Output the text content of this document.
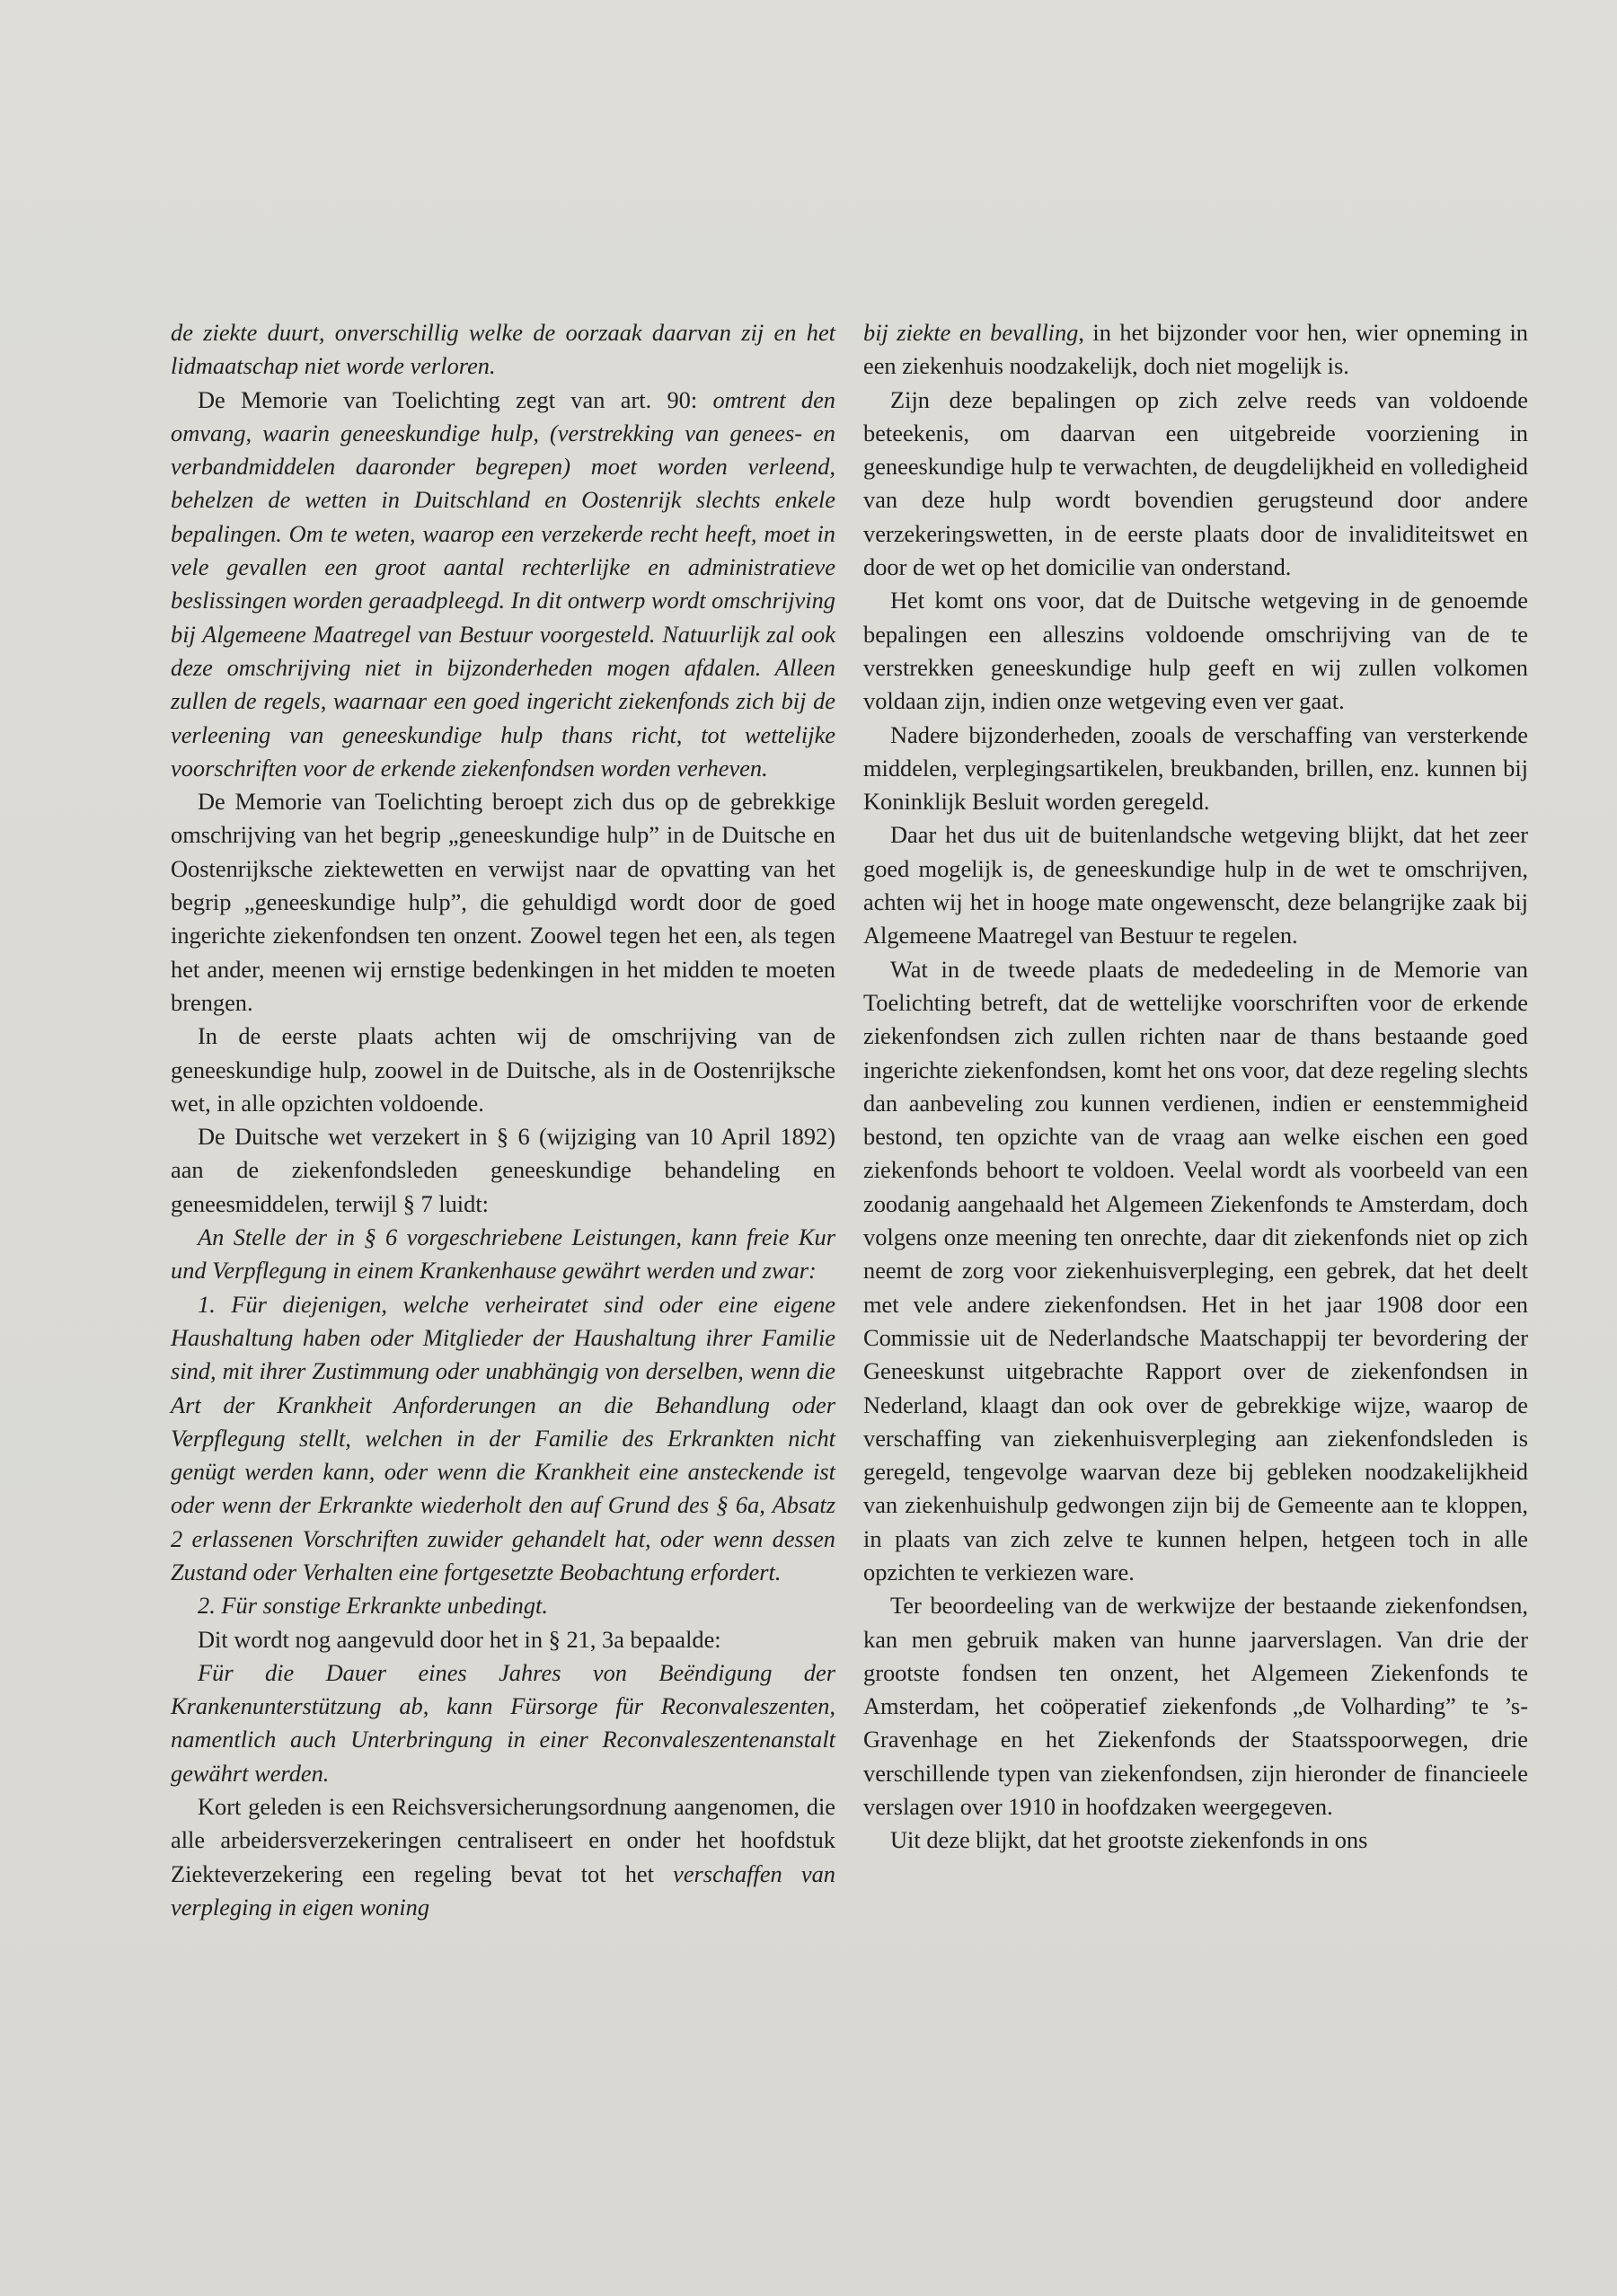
de ziekte duurt, onverschillig welke de oorzaak daarvan zij en het lidmaatschap niet worde verloren.

De Memorie van Toelichting zegt van art. 90: omtrent den omvang, waarin geneeskundige hulp, (verstrekking van genees- en verbandmiddelen daaronder begrepen) moet worden verleend, behelzen de wetten in Duitschland en Oostenrijk slechts enkele bepalingen. Om te weten, waarop een verzekerde recht heeft, moet in vele gevallen een groot aantal rechterlijke en administratieve beslissingen worden geraadpleegd. In dit ontwerp wordt omschrijving bij Algemeene Maatregel van Bestuur voorgesteld. Natuurlijk zal ook deze omschrijving niet in bijzonderheden mogen afdalen. Alleen zullen de regels, waarnaar een goed ingericht ziekenfonds zich bij de verleening van geneeskundige hulp thans richt, tot wettelijke voorschriften voor de erkende ziekenfondsen worden verheven.

De Memorie van Toelichting beroept zich dus op de gebrekkige omschrijving van het begrip „geneeskundige hulp” in de Duitsche en Oostenrijksche ziektewetten en verwijst naar de opvatting van het begrip „geneeskundige hulp”, die gehuldigd wordt door de goed ingerichte ziekenfondsen ten onzent. Zoowel tegen het een, als tegen het ander, meenen wij ernstige bedenkingen in het midden te moeten brengen.

In de eerste plaats achten wij de omschrijving van de geneeskundige hulp, zoowel in de Duitsche, als in de Oostenrijksche wet, in alle opzichten voldoende.

De Duitsche wet verzekert in § 6 (wijziging van 10 April 1892) aan de ziekenfondsleden geneeskundige behandeling en geneesmiddelen, terwijl § 7 luidt:

An Stelle der in § 6 vorgeschriebene Leistungen, kann freie Kur und Verpflegung in einem Krankenhause gewährt werden und zwar:

1. Für diejenigen, welche verheiratet sind oder eine eigene Haushaltung haben oder Mitglieder der Haushaltung ihrer Familie sind, mit ihrer Zustimmung oder unabhängig von derselben, wenn die Art der Krankheit Anforderungen an die Behandlung oder Verpflegung stellt, welchen in der Familie des Erkrankten nicht genügt werden kann, oder wenn die Krankheit eine ansteckende ist oder wenn der Erkrankte wiederholt den auf Grund des § 6a, Absatz 2 erlassenen Vorschriften zuwider gehandelt hat, oder wenn dessen Zustand oder Verhalten eine fortgesetzte Beobachtung erfordert.

2. Für sonstige Erkrankte unbedingt.

Dit wordt nog aangevuld door het in § 21, 3a bepaalde:

Für die Dauer eines Jahres von Beëndigung der Krankenunterstützung ab, kann Fürsorge für Reconvaleszenten, namentlich auch Unterbringung in einer Reconvaleszentenanstalt gewährt werden.

Kort geleden is een Reichsversicherungsordnung aangenomen, die alle arbeidersverzekeringen centraliseert en onder het hoofdstuk Ziekteverzekering een regeling bevat tot het verschaffen van verpleging in eigen woning

bij ziekte en bevalling, in het bijzonder voor hen, wier opneming in een ziekenhuis noodzakelijk, doch niet mogelijk is.

Zijn deze bepalingen op zich zelve reeds van voldoende beteekenis, om daarvan een uitgebreide voorziening in geneeskundige hulp te verwachten, de deugdelijkheid en volledigheid van deze hulp wordt bovendien gerugsteund door andere verzekeringswetten, in de eerste plaats door de invaliditeitswet en door de wet op het domicilie van onderstand.

Het komt ons voor, dat de Duitsche wetgeving in de genoemde bepalingen een alleszins voldoende omschrijving van de te verstrekken geneeskundige hulp geeft en wij zullen volkomen voldaan zijn, indien onze wetgeving even ver gaat.

Nadere bijzonderheden, zooals de verschaffing van versterkende middelen, verplegingsartikelen, breukbanden, brillen, enz. kunnen bij Koninklijk Besluit worden geregeld.

Daar het dus uit de buitenlandsche wetgeving blijkt, dat het zeer goed mogelijk is, de geneeskundige hulp in de wet te omschrijven, achten wij het in hooge mate ongewenscht, deze belangrijke zaak bij Algemeene Maatregel van Bestuur te regelen.

Wat in de tweede plaats de mededeeling in de Memorie van Toelichting betreft, dat de wettelijke voorschriften voor de erkende ziekenfondsen zich zullen richten naar de thans bestaande goed ingerichte ziekenfondsen, komt het ons voor, dat deze regeling slechts dan aanbeveling zou kunnen verdienen, indien er eenstemmigheid bestond, ten opzichte van de vraag aan welke eischen een goed ziekenfonds behoort te voldoen. Veelal wordt als voorbeeld van een zoodanig aangehaald het Algemeen Ziekenfonds te Amsterdam, doch volgens onze meening ten onrechte, daar dit ziekenfonds niet op zich neemt de zorg voor ziekenhuisverpleging, een gebrek, dat het deelt met vele andere ziekenfondsen. Het in het jaar 1908 door een Commissie uit de Nederlandsche Maatschappij ter bevordering der Geneeskunst uitgebrachte Rapport over de ziekenfondsen in Nederland, klaagt dan ook over de gebrekkige wijze, waarop de verschaffing van ziekenhuisverpleging aan ziekenfondsleden is geregeld, tengevolge waarvan deze bij gebleken noodzakelijkheid van ziekenhuishulp gedwongen zijn bij de Gemeente aan te kloppen, in plaats van zich zelve te kunnen helpen, hetgeen toch in alle opzichten te verkiezen ware.

Ter beoordeeling van de werkwijze der bestaande ziekenfondsen, kan men gebruik maken van hunne jaarverslagen. Van drie der grootste fondsen ten onzent, het Algemeen Ziekenfonds te Amsterdam, het coöperatief ziekenfonds „de Volharding” te ’s-Gravenhage en het Ziekenfonds der Staatsspoorwegen, drie verschillende typen van ziekenfondsen, zijn hieronder de financieele verslagen over 1910 in hoofdzaken weergegeven.

Uit deze blijkt, dat het grootste ziekenfonds in ons
